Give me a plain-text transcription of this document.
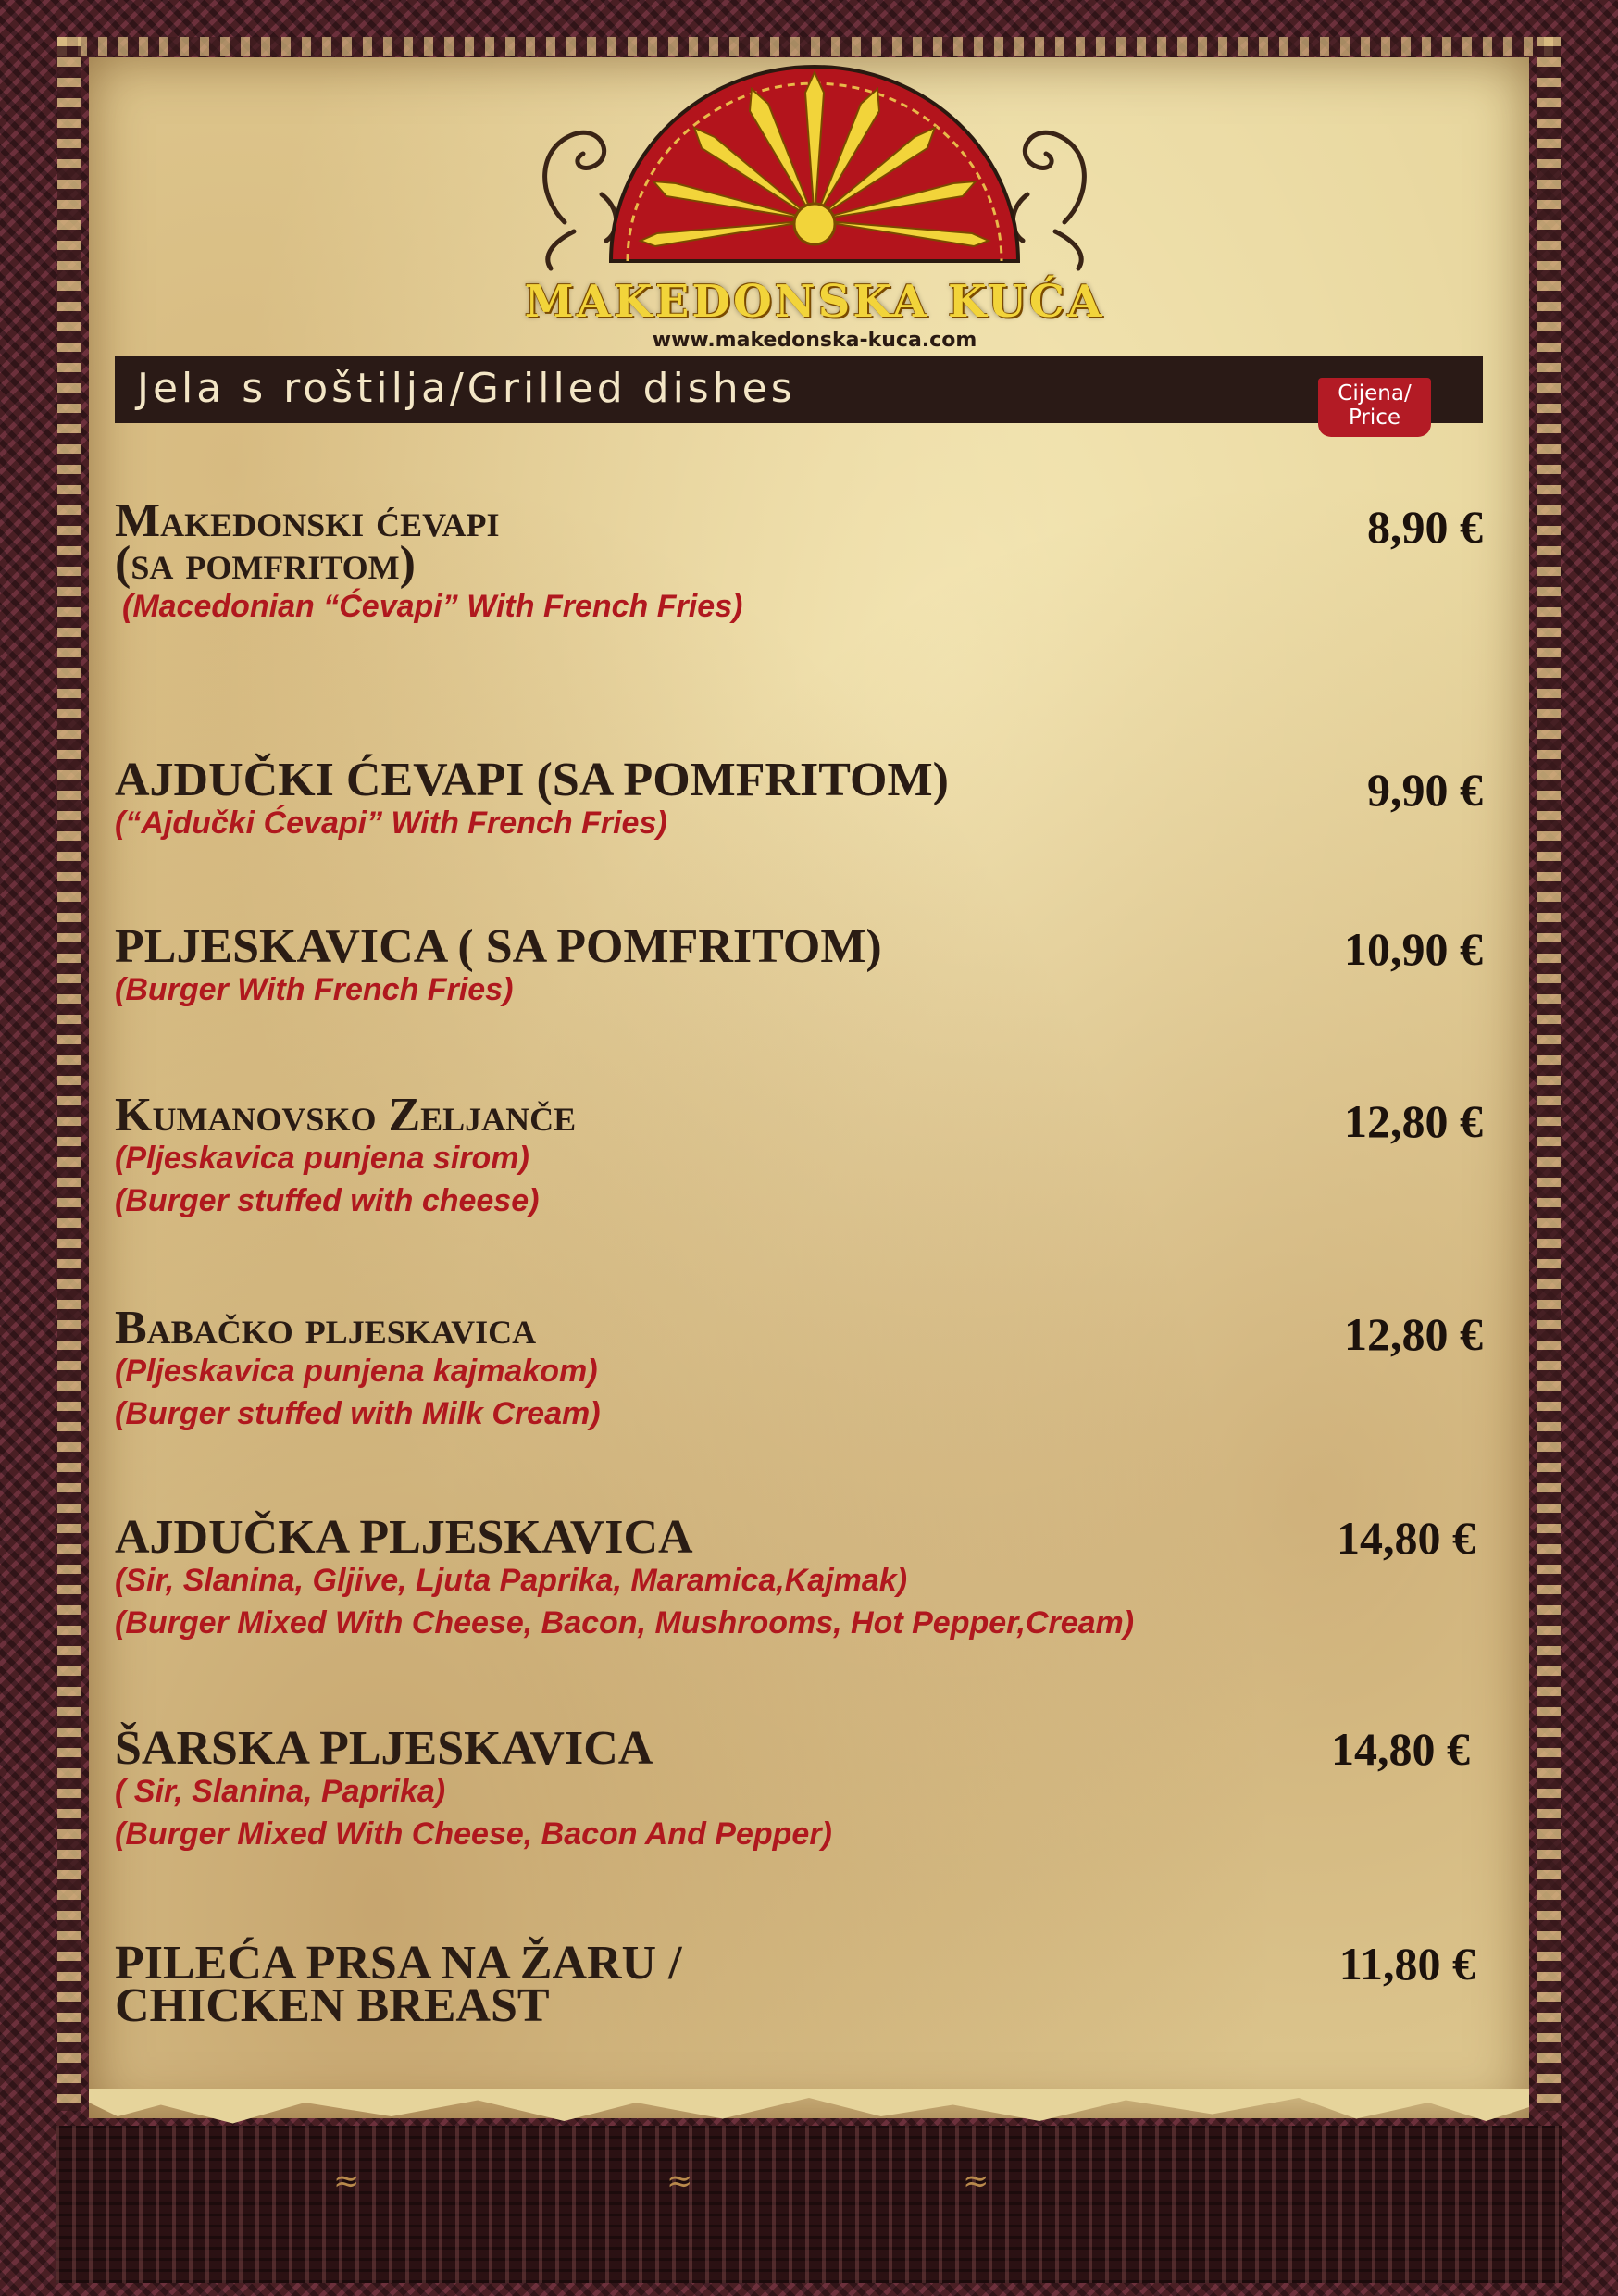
≈	≈	≈
MAKEDONSKA KUĆA
www.makedonska-kuca.com
Jela s roštilja/Grilled dishes	Cijena/
Price
Makedonski ćevapi
(sa pomfritom)
(Macedonian “Ćevapi” With French Fries)
8,90 €
AJDUČKI ĆEVAPI (SA POMFRITOM)
(“Ajdučki Ćevapi” With French Fries)
9,90 €
PLJESKAVICA ( SA POMFRITOM)
(Burger With French Fries)
10,90 €
Kumanovsko Zeljanče
(Pljeskavica punjena sirom)
(Burger stuffed with cheese)
12,80 €
Babačko pljeskavica
(Pljeskavica punjena kajmakom)
(Burger stuffed with Milk Cream)
12,80 €
AJDUČKA PLJESKAVICA
(Sir, Slanina, Gljive, Ljuta Paprika, Maramica,Kajmak)
(Burger Mixed With Cheese, Bacon, Mushrooms, Hot Pepper,Cream)
14,80 €
ŠARSKA PLJESKAVICA
( Sir, Slanina, Paprika)
(Burger Mixed With Cheese, Bacon And Pepper)
14,80 €
PILEĆA PRSA NA ŽARU /
CHICKEN BREAST
11,80 €
